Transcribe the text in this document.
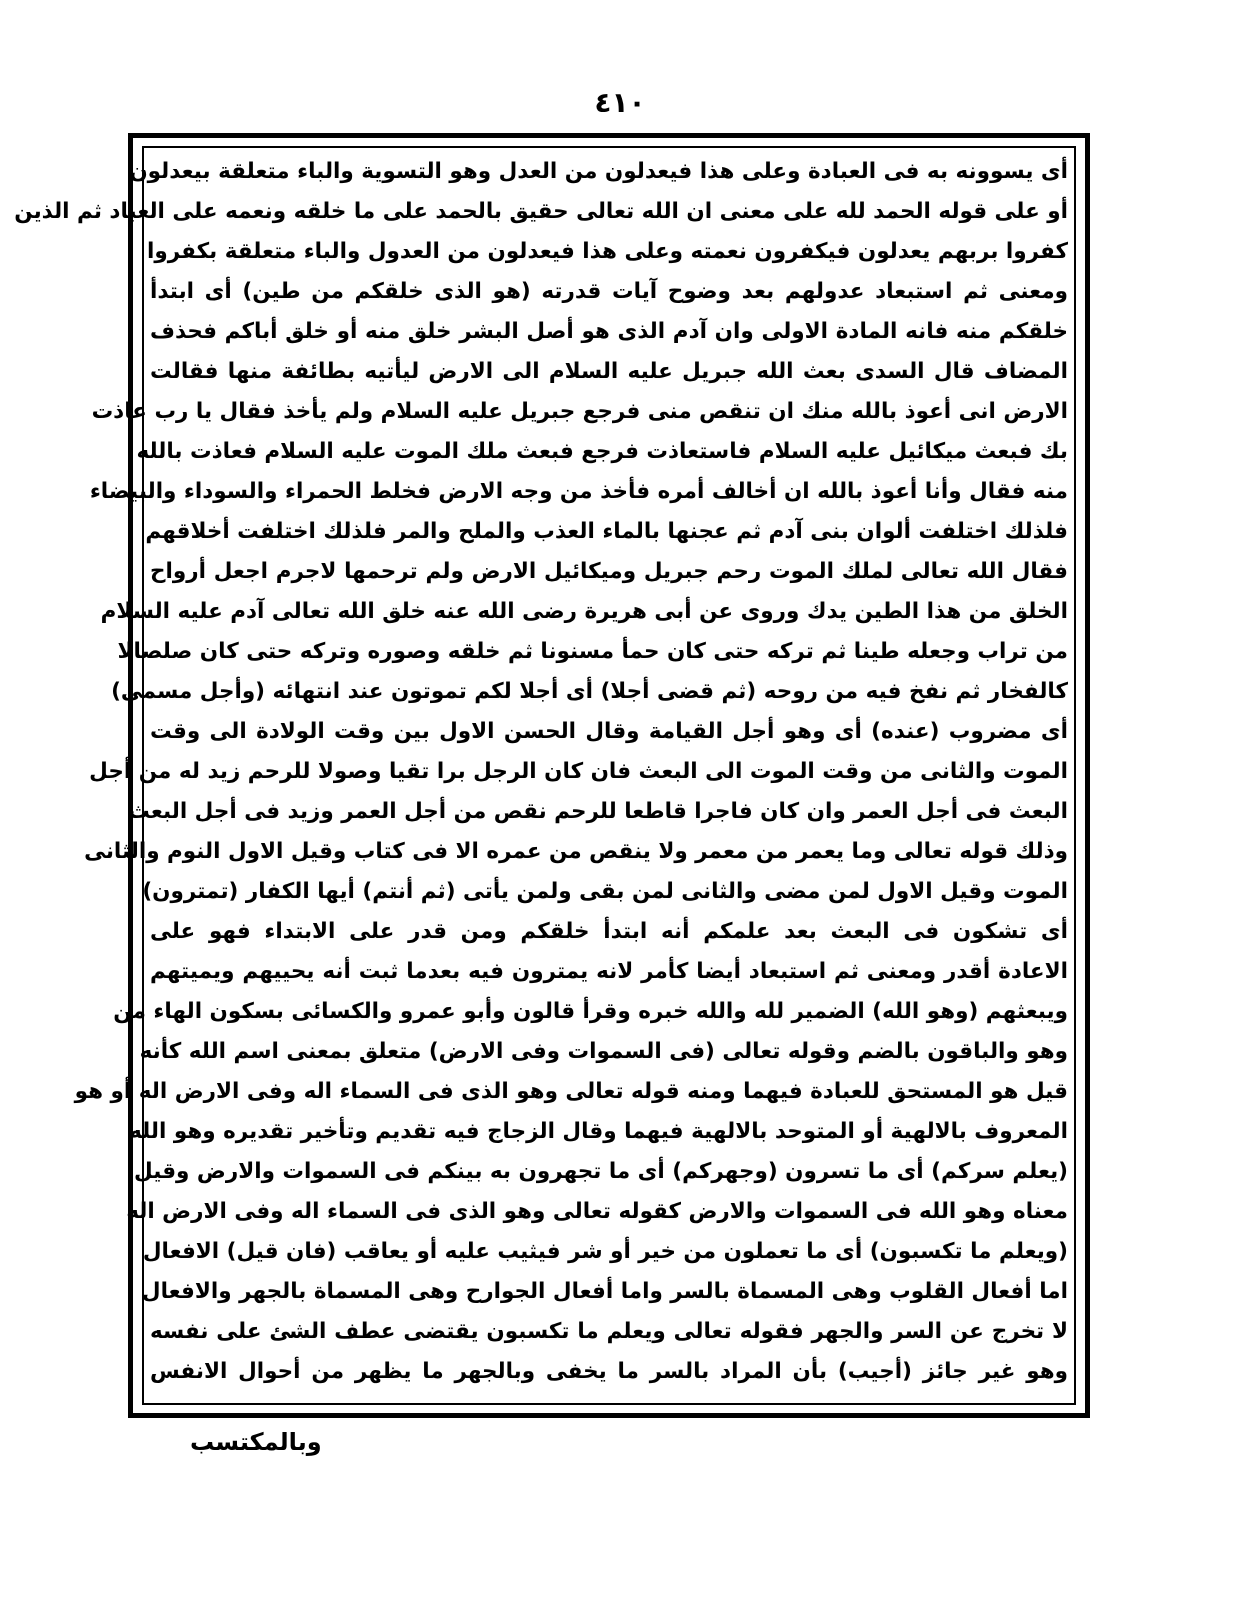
٤١٠
أى يسوونه به فى العبادة وعلى هذا فيعدلون من العدل وهو التسوية والباء متعلقة بيعدلون
أو على قوله الحمد لله على معنى ان الله تعالى حقيق بالحمد على ما خلقه ونعمه على العباد ثم الذين
كفروا بربهم يعدلون فيكفرون نعمته وعلى هذا فيعدلون من العدول والباء متعلقة بكفروا
ومعنى ثم استبعاد عدولهم بعد وضوح آيات قدرته (هو الذى خلقكم من طين) أى ابتدأ
خلقكم منه فانه المادة الاولى وان آدم الذى هو أصل البشر خلق منه أو خلق أباكم فحذف
المضاف قال السدى بعث الله جبريل عليه السلام الى الارض ليأتيه بطائفة منها فقالت
الارض انى أعوذ بالله منك ان تنقص منى فرجع جبريل عليه السلام ولم يأخذ فقال يا رب عاذت
بك فبعث ميكائيل عليه السلام فاستعاذت فرجع فبعث ملك الموت عليه السلام فعاذت بالله
منه فقال وأنا أعوذ بالله ان أخالف أمره فأخذ من وجه الارض فخلط الحمراء والسوداء والبيضاء
فلذلك اختلفت ألوان بنى آدم ثم عجنها بالماء العذب والملح والمر فلذلك اختلفت أخلاقهم
فقال الله تعالى لملك الموت رحم جبريل وميكائيل الارض ولم ترحمها لاجرم اجعل أرواح
الخلق من هذا الطين يدك وروى عن أبى هريرة رضى الله عنه خلق الله تعالى آدم عليه السلام
من تراب وجعله طينا ثم تركه حتى كان حمأ مسنونا ثم خلقه وصوره وتركه حتى كان صلصالا
كالفخار ثم نفخ فيه من روحه (ثم قضى أجلا) أى أجلا لكم تموتون عند انتهائه (وأجل مسمى)
أى مضروب (عنده) أى وهو أجل القيامة وقال الحسن الاول بين وقت الولادة الى وقت
الموت والثانى من وقت الموت الى البعث فان كان الرجل برا تقيا وصولا للرحم زيد له من أجل
البعث فى أجل العمر وان كان فاجرا قاطعا للرحم نقص من أجل العمر وزيد فى أجل البعث
وذلك قوله تعالى وما يعمر من معمر ولا ينقص من عمره الا فى كتاب وقيل الاول النوم والثانى
الموت وقيل الاول لمن مضى والثانى لمن بقى ولمن يأتى (ثم أنتم) أيها الكفار (تمترون)
أى تشكون فى البعث بعد علمكم أنه ابتدأ خلقكم ومن قدر على الابتداء فهو على
الاعادة أقدر ومعنى ثم استبعاد أيضا كأمر لانه يمترون فيه بعدما ثبت أنه يحييهم ويميتهم
ويبعثهم (وهو الله) الضمير لله والله خبره وقرأ قالون وأبو عمرو والكسائى بسكون الهاء من
وهو والباقون بالضم وقوله تعالى (فى السموات وفى الارض) متعلق بمعنى اسم الله كأنه
قيل هو المستحق للعبادة فيهما ومنه قوله تعالى وهو الذى فى السماء اله وفى الارض اله أو هو
المعروف بالالهية أو المتوحد بالالهية فيهما وقال الزجاج فيه تقديم وتأخير تقديره وهو الله
(يعلم سركم) أى ما تسرون (وجهركم) أى ما تجهرون به بينكم فى السموات والارض وقيل
معناه وهو الله فى السموات والارض كقوله تعالى وهو الذى فى السماء اله وفى الارض اله
(ويعلم ما تكسبون) أى ما تعملون من خير أو شر فيثيب عليه أو يعاقب (فان قيل) الافعال
اما أفعال القلوب وهى المسماة بالسر واما أفعال الجوارح وهى المسماة بالجهر والافعال
لا تخرج عن السر والجهر فقوله تعالى ويعلم ما تكسبون يقتضى عطف الشئ على نفسه
وهو غير جائز (أجيب) بأن المراد بالسر ما يخفى وبالجهر ما يظهر من أحوال الانفس
وبالمكتسب
